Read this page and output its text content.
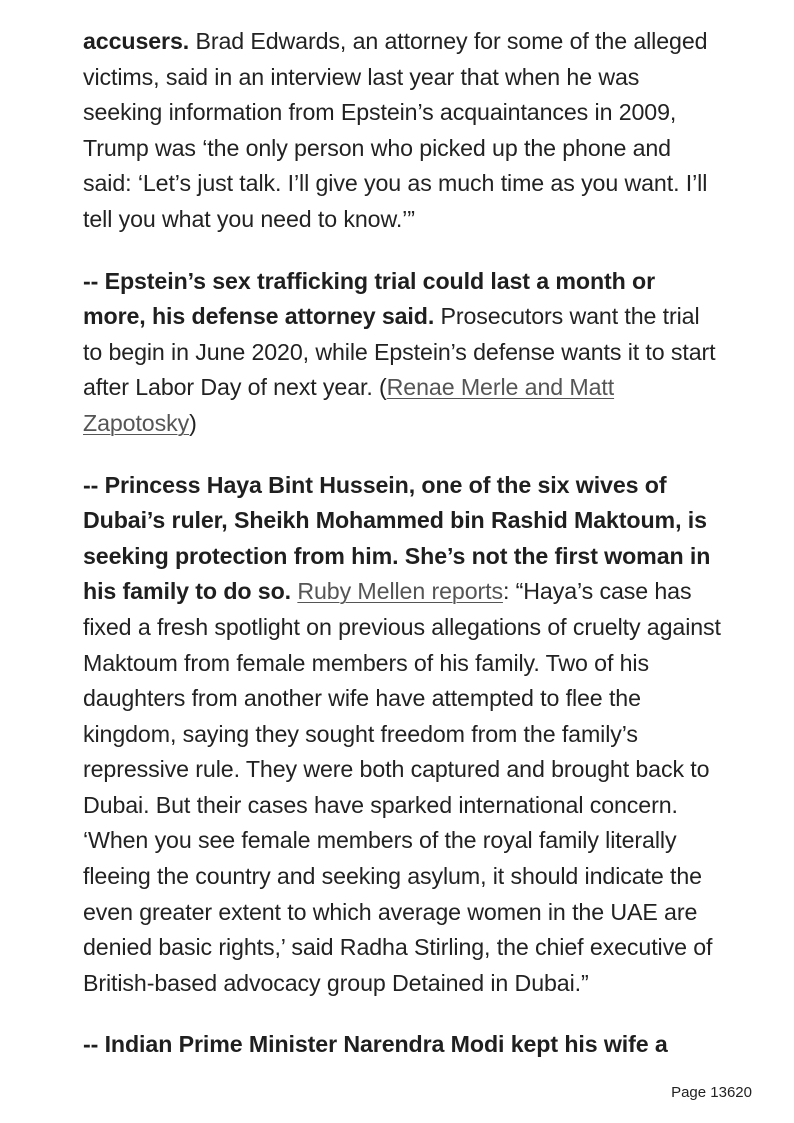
accusers. Brad Edwards, an attorney for some of the alleged victims, said in an interview last year that when he was seeking information from Epstein’s acquaintances in 2009, Trump was ‘the only person who picked up the phone and said: ‘Let’s just talk. I’ll give you as much time as you want. I’ll tell you what you need to know.’”

-- Epstein’s sex trafficking trial could last a month or more, his defense attorney said. Prosecutors want the trial to begin in June 2020, while Epstein’s defense wants it to start after Labor Day of next year. (Renae Merle and Matt Zapotosky)

-- Princess Haya Bint Hussein, one of the six wives of Dubai’s ruler, Sheikh Mohammed bin Rashid Maktoum, is seeking protection from him. She’s not the first woman in his family to do so. Ruby Mellen reports: “Haya’s case has fixed a fresh spotlight on previous allegations of cruelty against Maktoum from female members of his family. Two of his daughters from another wife have attempted to flee the kingdom, saying they sought freedom from the family’s repressive rule. They were both captured and brought back to Dubai. But their cases have sparked international concern. ‘When you see female members of the royal family literally fleeing the country and seeking asylum, it should indicate the even greater extent to which average women in the UAE are denied basic rights,’ said Radha Stirling, the chief executive of British-based advocacy group Detained in Dubai.”

-- Indian Prime Minister Narendra Modi kept his wife a

Page 13620
